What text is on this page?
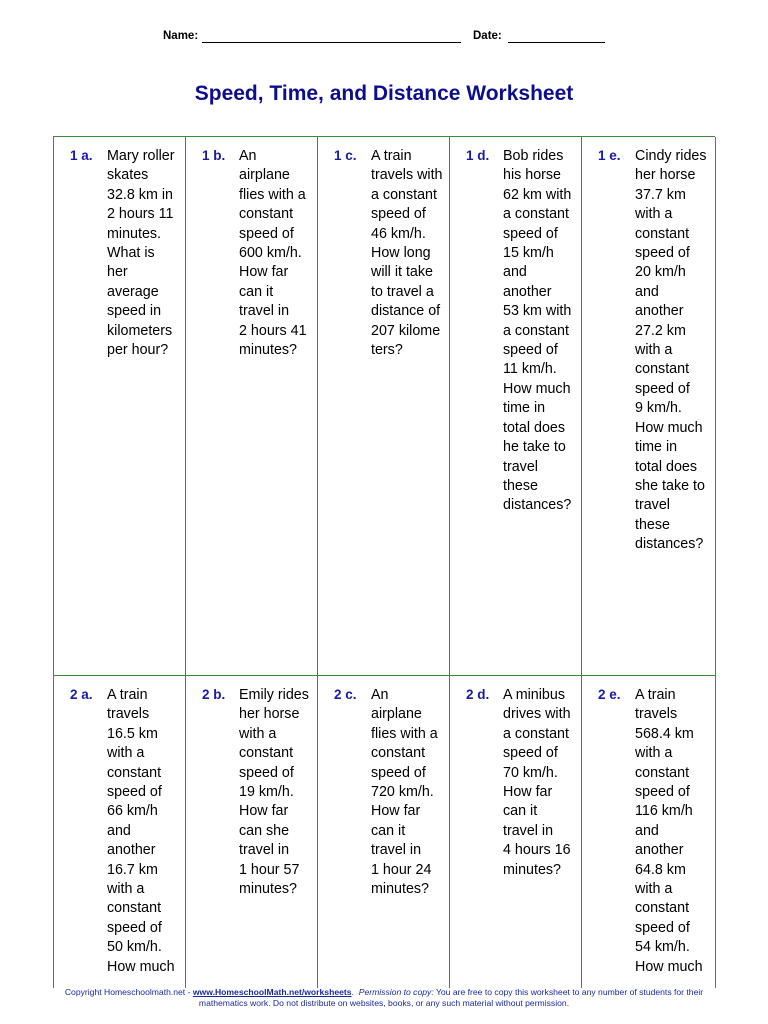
Name:	Date:
Speed, Time, and Distance Worksheet
1 a. Mary roller
skates
32.8 km in
2 hours 11
minutes.
What is
her
average
speed in
kilometers
per hour?
1 b. An
airplane
flies with a
constant
speed of
600 km/h.
How far
can it
travel in
2 hours 41
minutes?
1 c. A train
travels with
a constant
speed of
46 km/h.
How long
will it take
to travel a
distance of
207 kilome
ters?
1 d. Bob rides
his horse
62 km with
a constant
speed of
15 km/h
and
another
53 km with
a constant
speed of
11 km/h.
How much
time in
total does
he take to
travel
these
distances?
1 e. Cindy rides
her horse
37.7 km
with a
constant
speed of
20 km/h
and
another
27.2 km
with a
constant
speed of
9 km/h.
How much
time in
total does
she take to
travel
these
distances?
2 a. A train
travels
16.5 km
with a
constant
speed of
66 km/h
and
another
16.7 km
with a
constant
speed of
50 km/h.
How much
2 b. Emily rides
her horse
with a
constant
speed of
19 km/h.
How far
can she
travel in
1 hour 57
minutes?
2 c. An
airplane
flies with a
constant
speed of
720 km/h.
How far
can it
travel in
1 hour 24
minutes?
2 d. A minibus
drives with
a constant
speed of
70 km/h.
How far
can it
travel in
4 hours 16
minutes?
2 e. A train
travels
568.4 km
with a
constant
speed of
116 km/h
and
another
64.8 km
with a
constant
speed of
54 km/h.
How much
Copyright Homeschoolmath.net - www.HomeschoolMath.net/worksheets.  Permission to copy: You are free to copy this worksheet to any number of students for their mathematics work. Do not distribute on websites, books, or any such material without permission.
